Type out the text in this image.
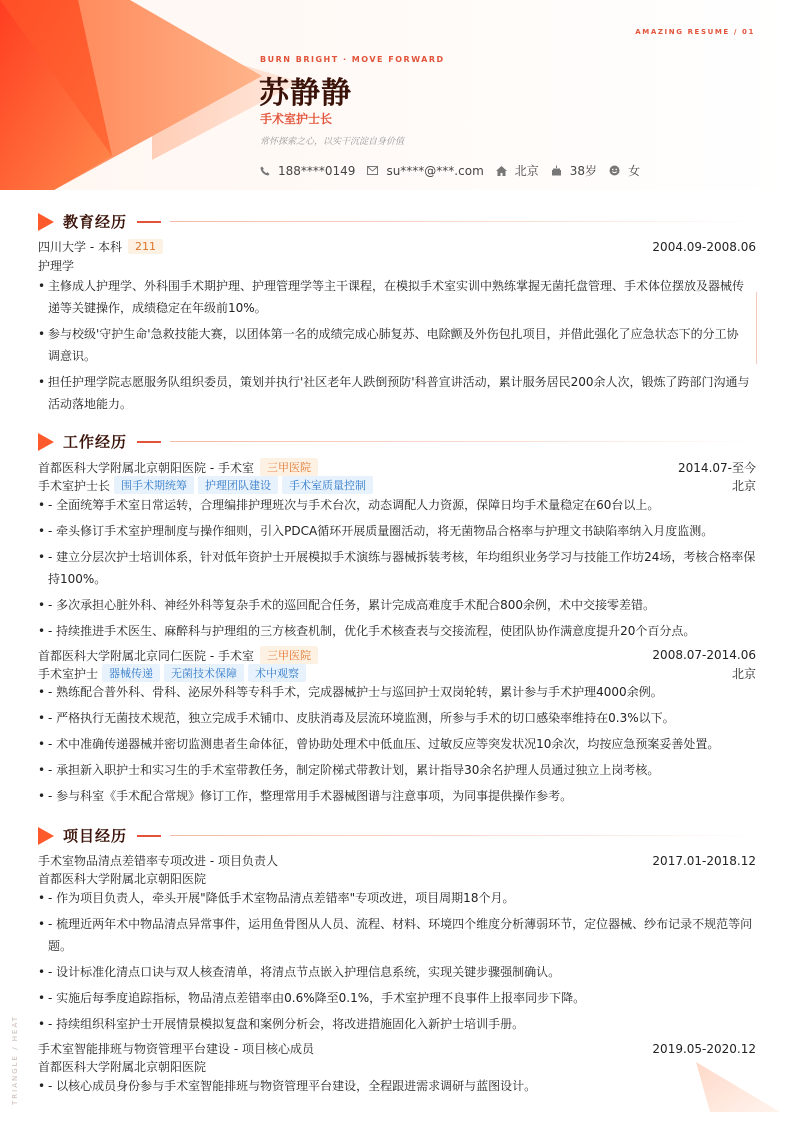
AMAZING RESUME / 01
BURN BRIGHT · MOVE FORWARD
苏静静
手术室护士长
常怀探索之心，以实干沉淀自身价值
188****0149	su****@***.com	北京	38岁	女
教育经历
四川大学 - 本科	211	2004.09-2008.06
护理学
• 主修成人护理学、外科围手术期护理、护理管理学等主干课程，在模拟手术室实训中熟练掌握无菌托盘管理、手术体位摆放及器械传递等关键操作，成绩稳定在年级前10%。
• 参与校级'守护生命'急救技能大赛，以团体第一名的成绩完成心肺复苏、电除颤及外伤包扎项目，并借此强化了应急状态下的分工协调意识。
• 担任护理学院志愿服务队组织委员，策划并执行'社区老年人跌倒预防'科普宣讲活动，累计服务居民200余人次，锻炼了跨部门沟通与活动落地能力。
工作经历
首都医科大学附属北京朝阳医院 - 手术室	三甲医院	2014.07-至今
手术室护士长	围手术期统筹	护理团队建设	手术室质量控制	北京
• - 全面统筹手术室日常运转，合理编排护理班次与手术台次，动态调配人力资源，保障日均手术量稳定在60台以上。
• - 牵头修订手术室护理制度与操作细则，引入PDCA循环开展质量圈活动，将无菌物品合格率与护理文书缺陷率纳入月度监测。
• - 建立分层次护士培训体系，针对低年资护士开展模拟手术演练与器械拆装考核，年均组织业务学习与技能工作坊24场，考核合格率保持100%。
• - 多次承担心脏外科、神经外科等复杂手术的巡回配合任务，累计完成高难度手术配合800余例，术中交接零差错。
• - 持续推进手术医生、麻醉科与护理组的三方核查机制，优化手术核查表与交接流程，使团队协作满意度提升20个百分点。
首都医科大学附属北京同仁医院 - 手术室	三甲医院	2008.07-2014.06
手术室护士	器械传递	无菌技术保障	术中观察	北京
• - 熟练配合普外科、骨科、泌尿外科等专科手术，完成器械护士与巡回护士双岗轮转，累计参与手术护理4000余例。
• - 严格执行无菌技术规范，独立完成手术铺巾、皮肤消毒及层流环境监测，所参与手术的切口感染率维持在0.3%以下。
• - 术中准确传递器械并密切监测患者生命体征，曾协助处理术中低血压、过敏反应等突发状况10余次，均按应急预案妥善处置。
• - 承担新入职护士和实习生的手术室带教任务，制定阶梯式带教计划，累计指导30余名护理人员通过独立上岗考核。
• - 参与科室《手术配合常规》修订工作，整理常用手术器械图谱与注意事项，为同事提供操作参考。
项目经历
手术室物品清点差错率专项改进 - 项目负责人	2017.01-2018.12
首都医科大学附属北京朝阳医院
• - 作为项目负责人，牵头开展"降低手术室物品清点差错率"专项改进，项目周期18个月。
• - 梳理近两年术中物品清点异常事件，运用鱼骨图从人员、流程、材料、环境四个维度分析薄弱环节，定位器械、纱布记录不规范等问题。
• - 设计标准化清点口诀与双人核查清单，将清点节点嵌入护理信息系统，实现关键步骤强制确认。
• - 实施后每季度追踪指标，物品清点差错率由0.6%降至0.1%，手术室护理不良事件上报率同步下降。
• - 持续组织科室护士开展情景模拟复盘和案例分析会，将改进措施固化入新护士培训手册。
手术室智能排班与物资管理平台建设 - 项目核心成员	2019.05-2020.12
首都医科大学附属北京朝阳医院
• - 以核心成员身份参与手术室智能排班与物资管理平台建设，全程跟进需求调研与蓝图设计。
TRIANGLE / HEAT
